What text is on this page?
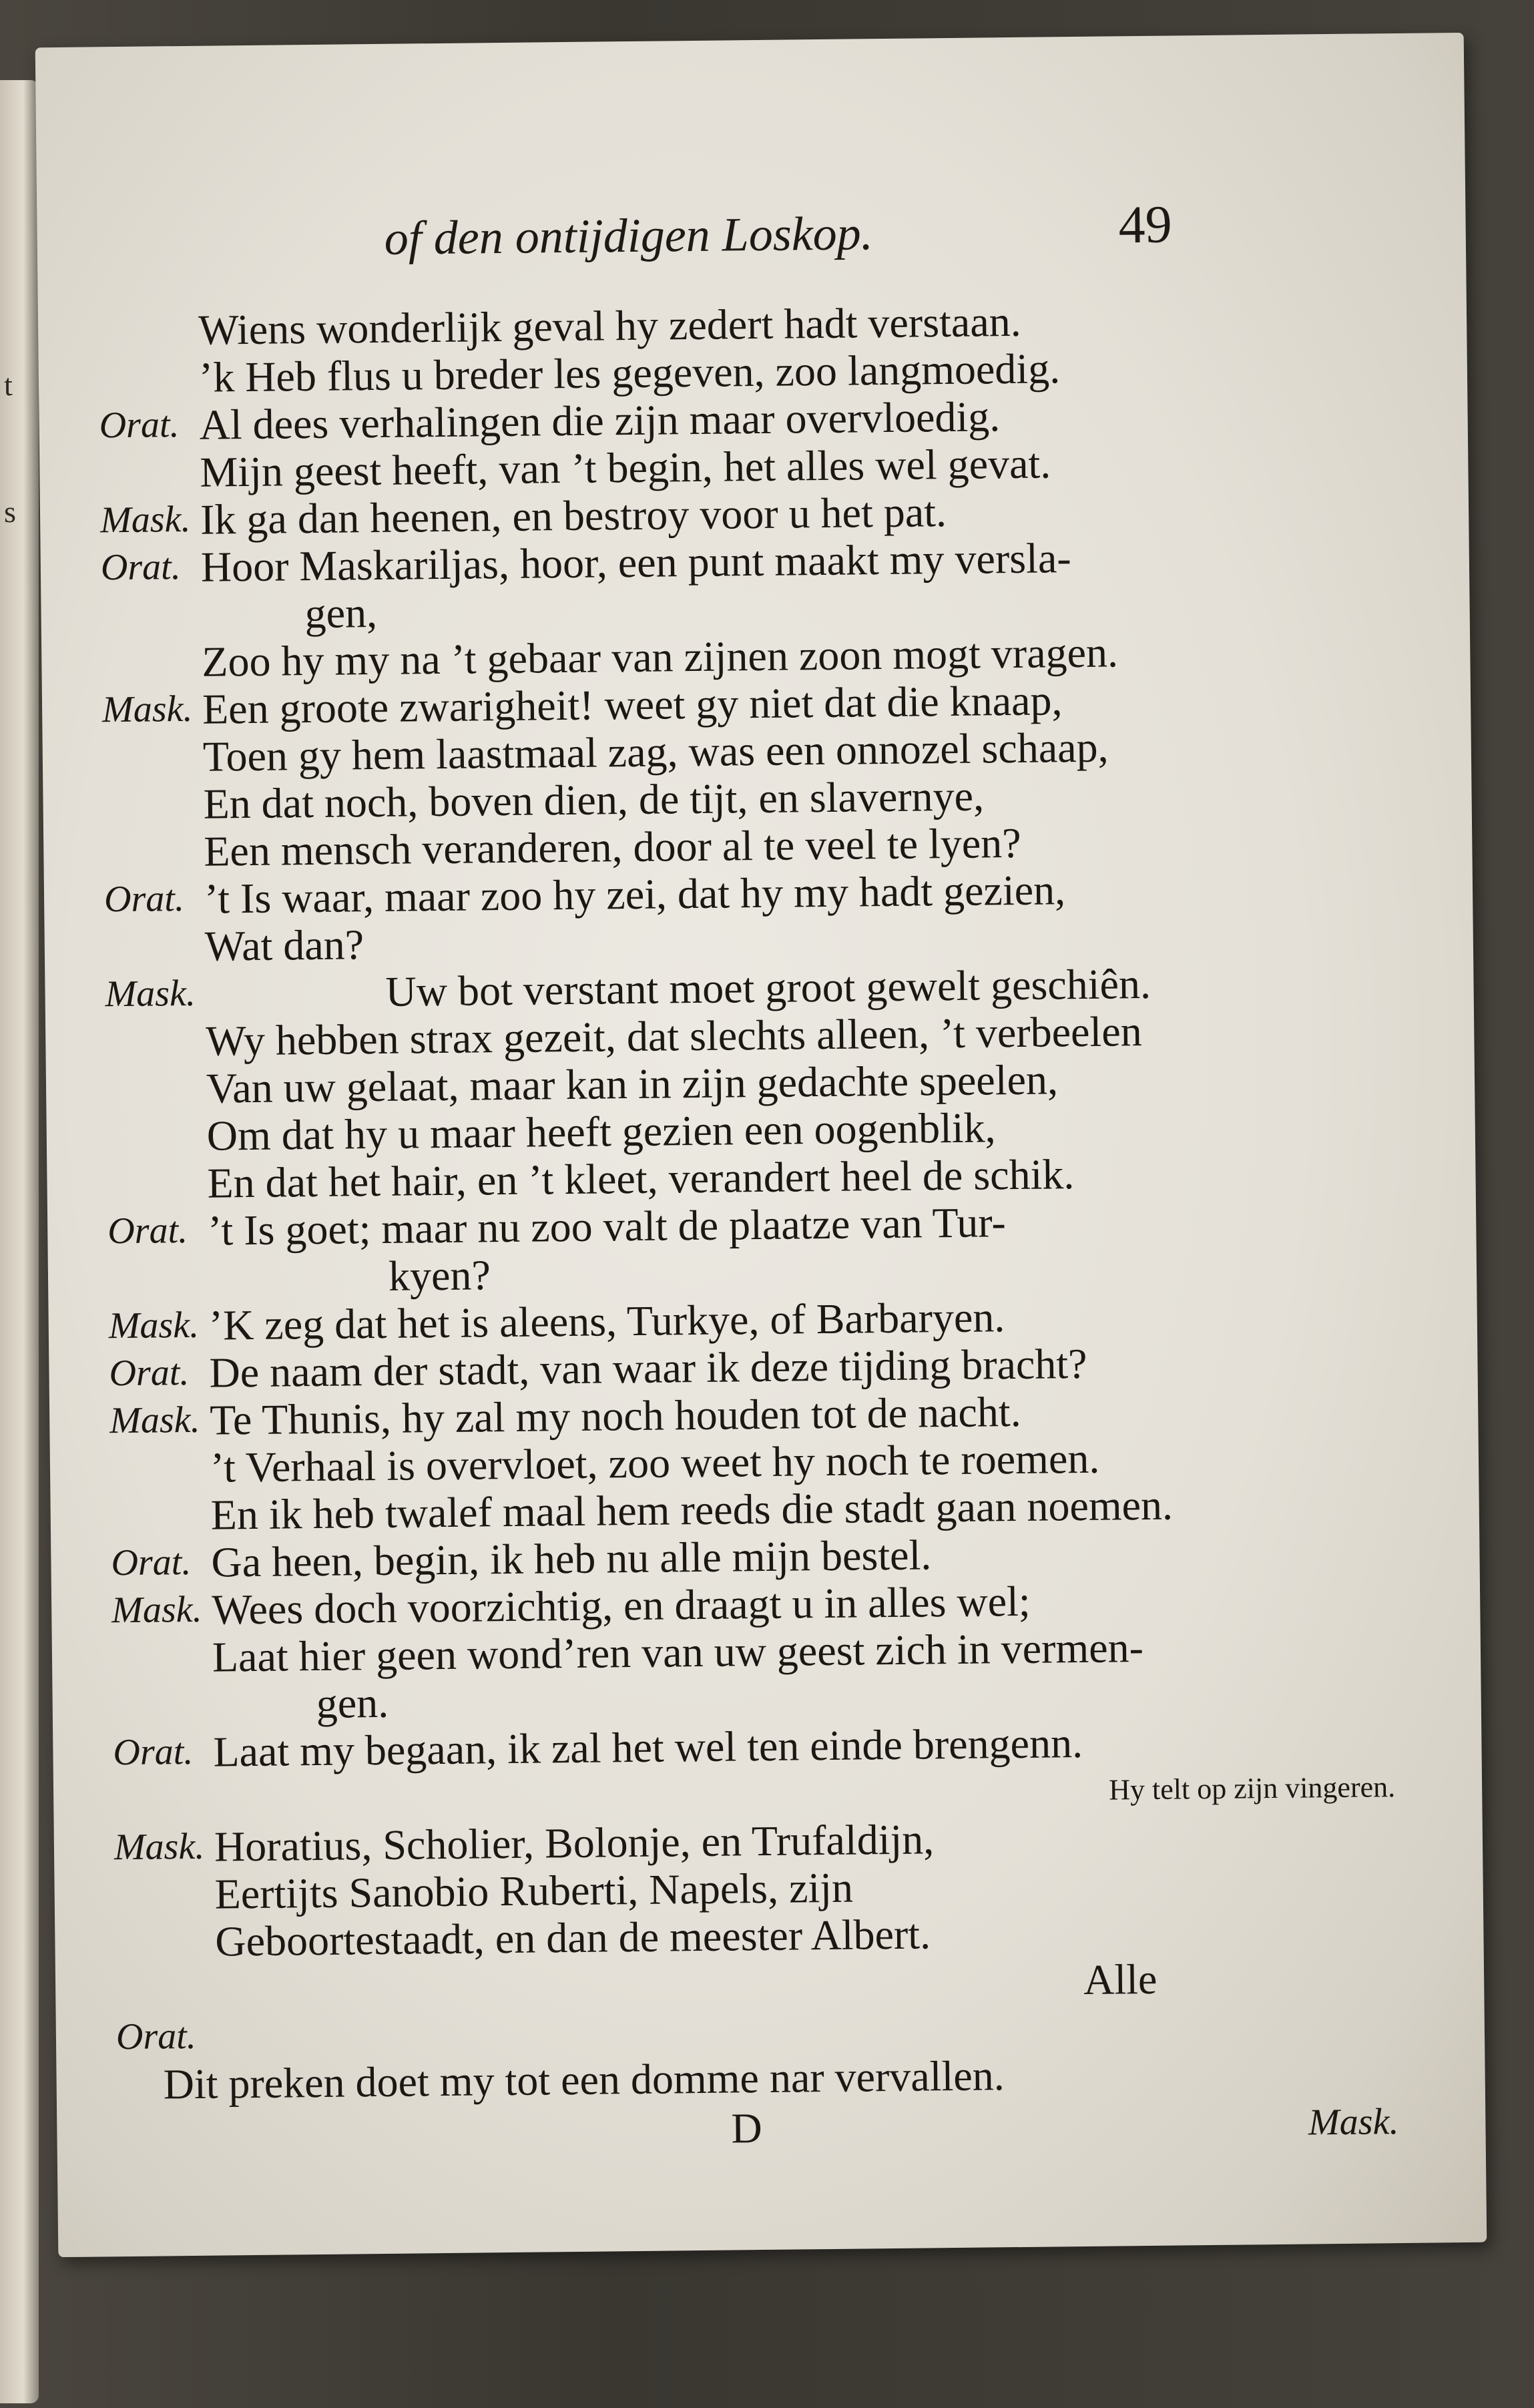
t
s
of den ontijdigen Loskop.	49
Wiens wonderlijk geval hy zedert hadt verstaan.
’k Heb flus u breder les gegeven, zoo langmoedig.
Orat. Al dees verhalingen die zijn maar overvloedig.
Mijn geest heeft, van ’t begin, het alles wel gevat.
Mask. Ik ga dan heenen, en bestroy voor u het pat.
Orat. Hoor Maskariljas, hoor, een punt maakt my versla-
gen,
Zoo hy my na ’t gebaar van zijnen zoon mogt vragen.
Mask. Een groote zwarigheit! weet gy niet dat die knaap,
Toen gy hem laastmaal zag, was een onnozel schaap,
En dat noch, boven dien, de tijt, en slavernye,
Een mensch veranderen, door al te veel te lyen?
Orat. ’t Is waar, maar zoo hy zei, dat hy my hadt gezien,
Wat dan?
Mask.	Uw bot verstant moet groot gewelt geschiên.
Wy hebben strax gezeit, dat slechts alleen, ’t verbeelen
Van uw gelaat, maar kan in zijn gedachte speelen,
Om dat hy u maar heeft gezien een oogenblik,
En dat het hair, en ’t kleet, verandert heel de schik.
Orat. ’t Is goet; maar nu zoo valt de plaatze van Tur-
kyen?
Mask. ’K zeg dat het is aleens, Turkye, of Barbaryen.
Orat. De naam der stadt, van waar ik deze tijding bracht?
Mask. Te Thunis, hy zal my noch houden tot de nacht.
’t Verhaal is overvloet, zoo weet hy noch te roemen.
En ik heb twalef maal hem reeds die stadt gaan noemen.
Orat. Ga heen, begin, ik heb nu alle mijn bestel.
Mask. Wees doch voorzichtig, en draagt u in alles wel;
Laat hier geen wond’ren van uw geest zich in vermen-
gen.
Orat. Laat my begaan, ik zal het wel ten einde brengenn.
Hy telt op zijn vingeren.
Mask. Horatius, Scholier, Bolonje, en Trufaldijn,
Eertijts Sanobio Ruberti, Napels, zijn
Geboortestaadt, en dan de meester Albert.
Alle
Orat.
Dit preken doet my tot een domme nar vervallen.
D	Mask.
